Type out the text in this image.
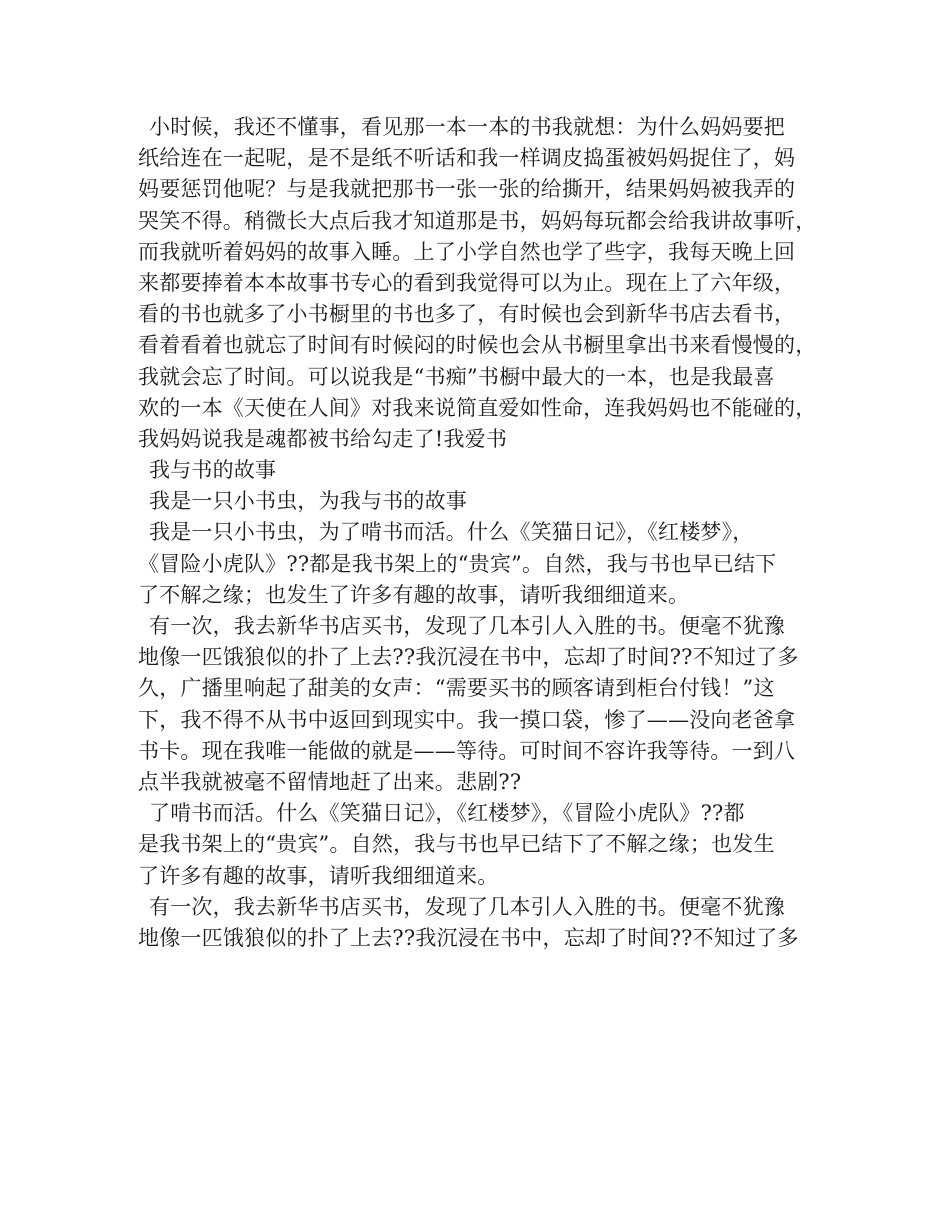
小时候，我还不懂事，看见那一本一本的书我就想：为什么妈妈要把
纸给连在一起呢，是不是纸不听话和我一样调皮捣蛋被妈妈捉住了，妈
妈要惩罚他呢？与是我就把那书一张一张的给撕开，结果妈妈被我弄的
哭笑不得。稍微长大点后我才知道那是书，妈妈每玩都会给我讲故事听，
而我就听着妈妈的故事入睡。上了小学自然也学了些字，我每天晚上回
来都要捧着本本故事书专心的看到我觉得可以为止。现在上了六年级，
看的书也就多了小书橱里的书也多了，有时候也会到新华书店去看书，
看着看着也就忘了时间有时候闷的时候也会从书橱里拿出书来看慢慢的，
我就会忘了时间。可以说我是“书痴”书橱中最大的一本，也是我最喜
欢的一本《天使在人间》对我来说简直爱如性命，连我妈妈也不能碰的，
我妈妈说我是魂都被书给勾走了!我爱书
我与书的故事
我是一只小书虫，为我与书的故事
我是一只小书虫，为了啃书而活。什么《笑猫日记》，《红楼梦》，
《冒险小虎队》??都是我书架上的“贵宾”。自然，我与书也早已结下
了不解之缘；也发生了许多有趣的故事，请听我细细道来。
有一次，我去新华书店买书，发现了几本引人入胜的书。便毫不犹豫
地像一匹饿狼似的扑了上去??我沉浸在书中，忘却了时间??不知过了多
久，广播里响起了甜美的女声：“需要买书的顾客请到柜台付钱！”这
下，我不得不从书中返回到现实中。我一摸口袋，惨了——没向老爸拿
书卡。现在我唯一能做的就是——等待。可时间不容许我等待。一到八
点半我就被毫不留情地赶了出来。悲剧??
了啃书而活。什么《笑猫日记》，《红楼梦》，《冒险小虎队》??都
是我书架上的“贵宾”。自然，我与书也早已结下了不解之缘；也发生
了许多有趣的故事，请听我细细道来。
有一次，我去新华书店买书，发现了几本引人入胜的书。便毫不犹豫
地像一匹饿狼似的扑了上去??我沉浸在书中，忘却了时间??不知过了多
